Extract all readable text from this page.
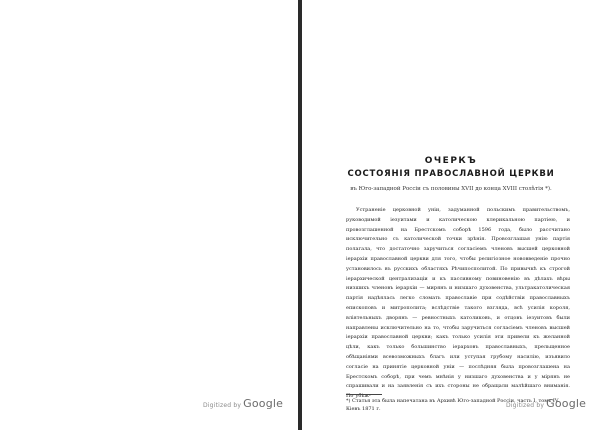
Digitized by Google
ОЧЕРКЪ
СОСТОЯНІЯ ПРАВОСЛАВНОЙ ЦЕРКВИ
въ Юго-западной Россіи съ половины XVII до конца XVIII столѣтія *).

Устраненіе церковной уніи, задуманной польскимъ правительствомъ, руководимой іезуитами и католическою клерикальною партіею, и провозглашенной на Брестскомъ соборѣ 1596 года, было рассчитано исключительно съ католической точки зрѣнія. Провозглашая унію партія полагала, что достаточно заручиться согласіемъ членовъ высшей церковной іерархіи православной церкви для того, чтобы религіозное нововведеніе прочно установилось въ русскихъ областяхъ Рѣчипосполитой. По привычкѣ къ строгой іерархической централизаціи и къ пассивному повиновенію въ дѣлахъ вѣры низшихъ членовъ іерархіи — мирянъ и низшаго духовенства, ультракатолическая партія надѣялась легко сломать православіе при содѣйствіи православныхъ епископовъ и митрополита; вслѣдствіе такого взгляда, всѣ усилія короля, влiятельныхъ дворянъ — ревностныхъ католиковъ, и отцовъ іезуитовъ были направлены исключительно на то, чтобы заручиться согласіемъ членовъ высшей іерархіи православной церкви; какъ только усилія эти привели къ желанной цѣли, какъ только большинство іерарховъ православныхъ, прельщенное обѣщаніями всевозможныхъ благъ или уступая грубому насилію, изъявило согласіе на принятіе церковной уніи — послѣдняя была провозглашена на Брестскомъ соборѣ, при чемъ мнѣнія у низшаго духовенства и у мірянъ не спрашивали и на заявленія съ ихъ стороны не обращали малѣйшаго вниманія. По убѣж-

*) Статья эта была напечатана въ Архивѣ Юго-западной Россіи, часть I, томъ IV. Кіевъ 1871 г.	Digitized by Google
